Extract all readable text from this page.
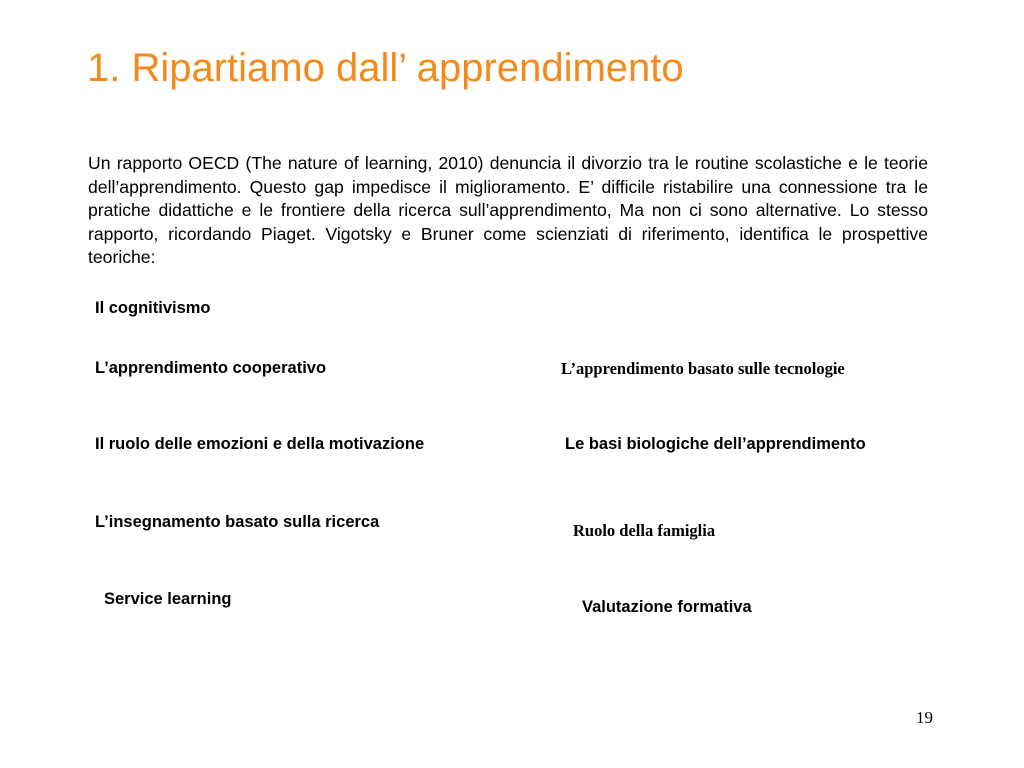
1. Ripartiamo dall’ apprendimento

Un rapporto OECD (The nature of learning, 2010) denuncia il divorzio tra le routine scolastiche e le teorie dell’apprendimento. Questo gap impedisce il miglioramento. E’ difficile ristabilire una connessione tra le pratiche didattiche e le frontiere della ricerca sull’apprendimento, Ma non ci sono alternative. Lo stesso rapporto, ricordando Piaget. Vigotsky e Bruner come scienziati di riferimento, identifica le prospettive teoriche:

Il cognitivismo
L’apprendimento cooperativo
Il ruolo delle emozioni e della motivazione
L’insegnamento basato sulla ricerca
Service learning
L’apprendimento basato sulle tecnologie
Le basi biologiche dell’apprendimento
Ruolo della famiglia
Valutazione formativa
19
